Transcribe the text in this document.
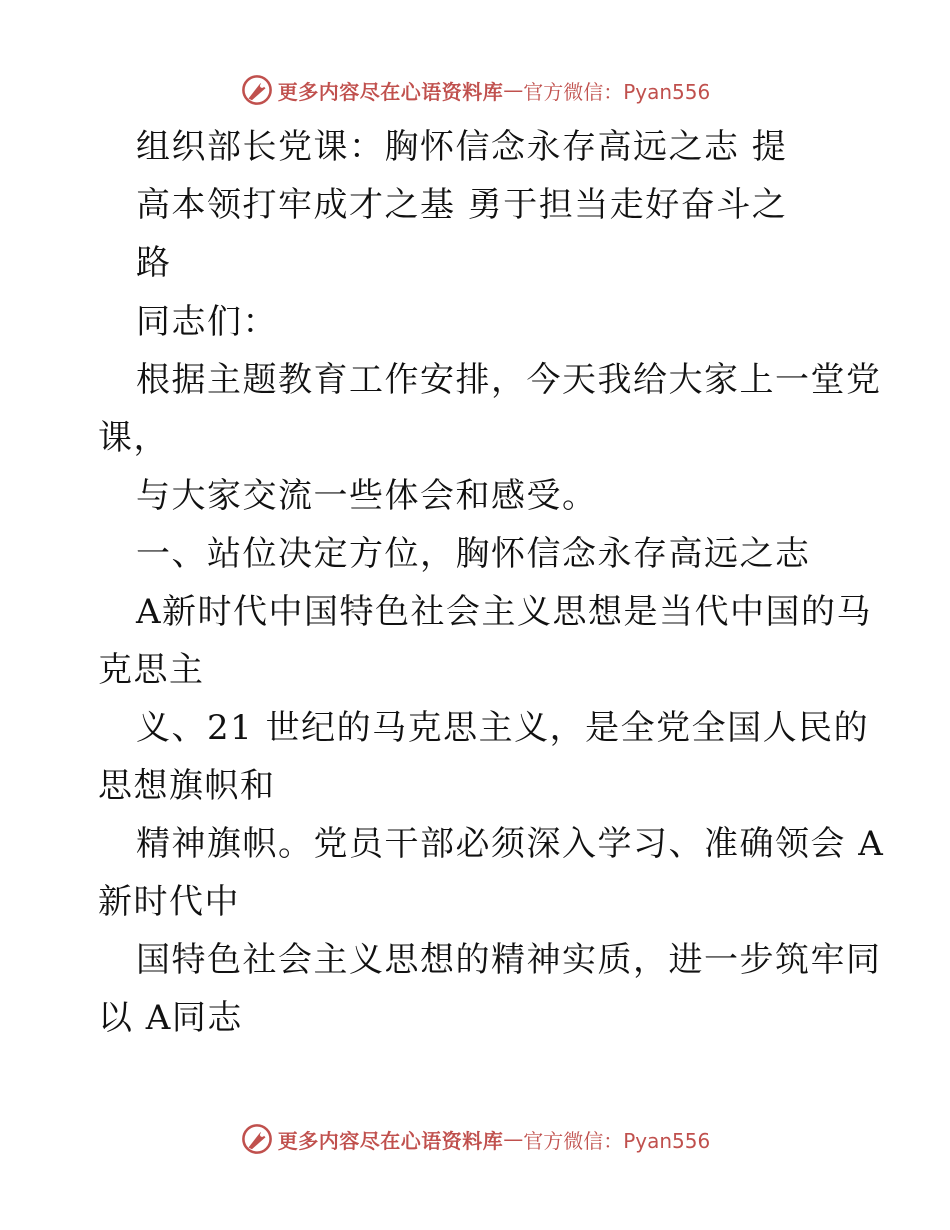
更多内容尽在心语资料库 — 官方微信：Pyan556
组织部长党课：胸怀信念永存高远之志 提
高本领打牢成才之基 勇于担当走好奋斗之
路
同志们：
根据主题教育工作安排，今天我给大家上一堂党
课，
与大家交流一些体会和感受。
一、站位决定方位，胸怀信念永存高远之志
A新时代中国特色社会主义思想是当代中国的马
克思主
义、21 世纪的马克思主义，是全党全国人民的
思想旗帜和
精神旗帜。党员干部必须深入学习、准确领会 A
新时代中
国特色社会主义思想的精神实质，进一步筑牢同
以 A同志
更多内容尽在心语资料库 — 官方微信：Pyan556
